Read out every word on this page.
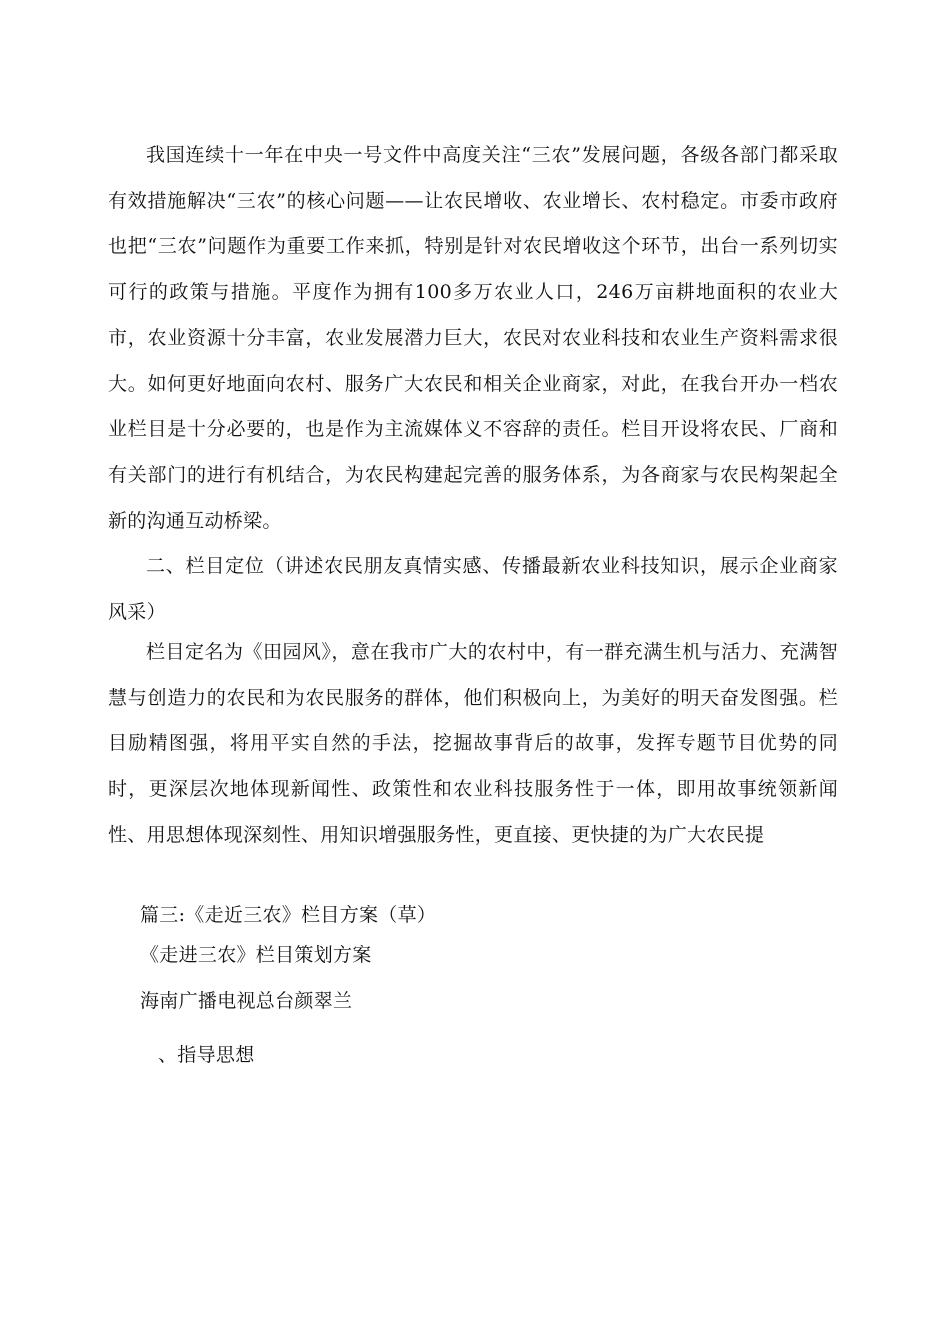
我国连续十一年在中央一号文件中高度关注“三农”发展问题，各级各部门都采取有效措施解决“三农”的核心问题——让农民增收、农业增长、农村稳定。市委市政府也把“三农”问题作为重要工作来抓，特别是针对农民增收这个环节，出台一系列切实可行的政策与措施。平度作为拥有100多万农业人口，246万亩耕地面积的农业大市，农业资源十分丰富，农业发展潜力巨大，农民对农业科技和农业生产资料需求很大。如何更好地面向农村、服务广大农民和相关企业商家，对此，在我台开办一档农业栏目是十分必要的，也是作为主流媒体义不容辞的责任。栏目开设将农民、厂商和有关部门的进行有机结合，为农民构建起完善的服务体系，为各商家与农民构架起全新的沟通互动桥梁。

二、栏目定位（讲述农民朋友真情实感、传播最新农业科技知识，展示企业商家风采）

栏目定名为《田园风》，意在我市广大的农村中，有一群充满生机与活力、充满智慧与创造力的农民和为农民服务的群体，他们积极向上，为美好的明天奋发图强。栏目励精图强，将用平实自然的手法，挖掘故事背后的故事，发挥专题节目优势的同时，更深层次地体现新闻性、政策性和农业科技服务性于一体，即用故事统领新闻性、用思想体现深刻性、用知识增强服务性，更直接、更快捷的为广大农民提

篇三:《走近三农》栏目方案（草）

《走进三农》栏目策划方案

海南广播电视总台颜翠兰

、指导思想
